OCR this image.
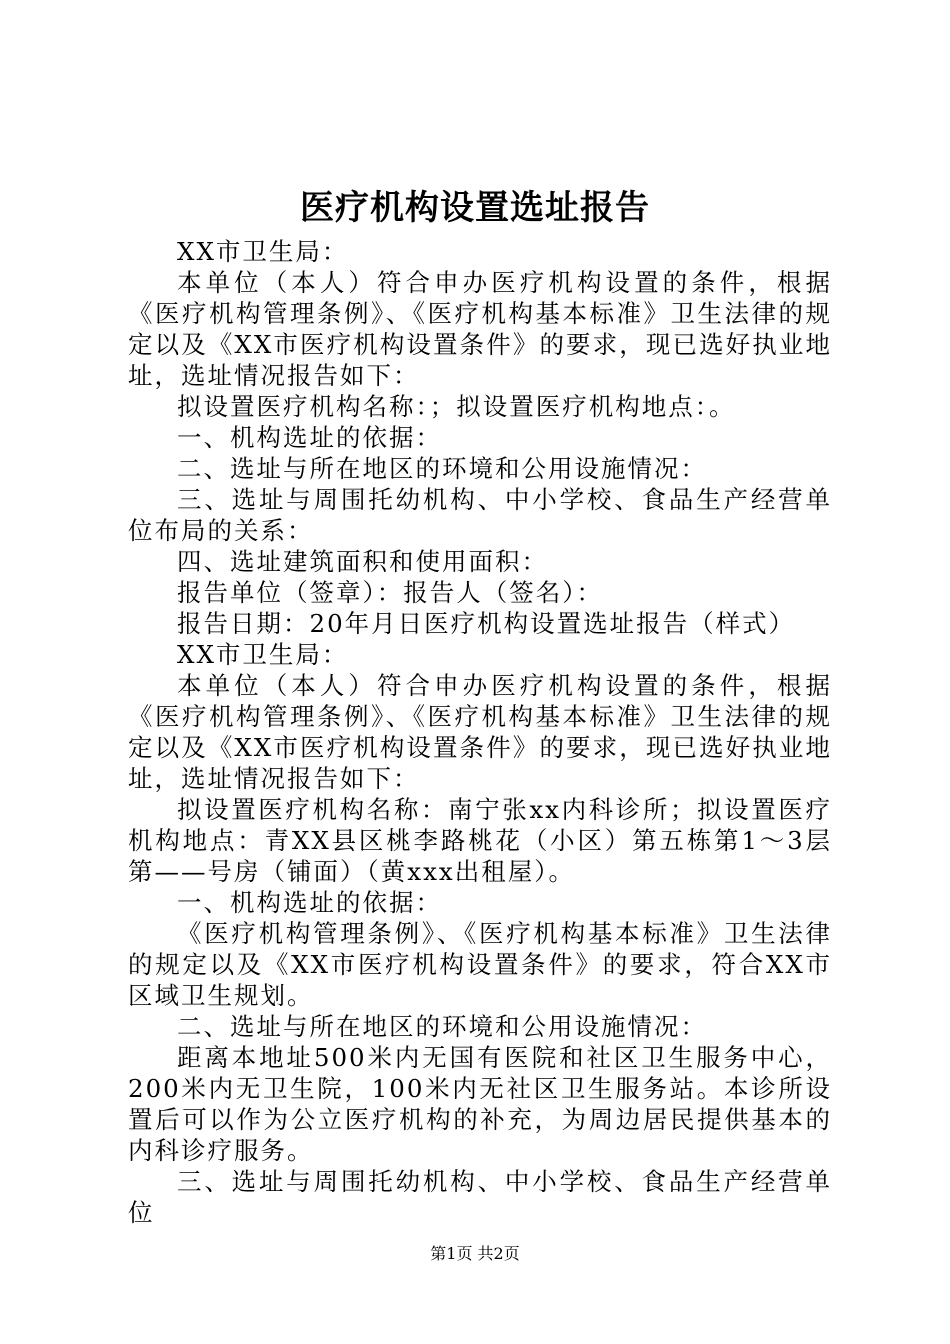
医疗机构设置选址报告

XX市卫生局：

本单位（本人）符合申办医疗机构设置的条件，根据《医疗机构管理条例》、《医疗机构基本标准》卫生法律的规定以及《XX市医疗机构设置条件》的要求，现已选好执业地址，选址情况报告如下：

拟设置医疗机构名称：；拟设置医疗机构地点：。

一、机构选址的依据：

二、选址与所在地区的环境和公用设施情况：

三、选址与周围托幼机构、中小学校、食品生产经营单位布局的关系：

四、选址建筑面积和使用面积：

报告单位（签章）：报告人（签名）：

报告日期：20年月日医疗机构设置选址报告（样式）

XX市卫生局：

本单位（本人）符合申办医疗机构设置的条件，根据《医疗机构管理条例》、《医疗机构基本标准》卫生法律的规定以及《XX市医疗机构设置条件》的要求，现已选好执业地址，选址情况报告如下：

拟设置医疗机构名称：南宁张xx内科诊所；拟设置医疗机构地点：青XX县区桃李路桃花（小区）第五栋第1～3层第——号房（铺面）（黄xxx出租屋）。

一、机构选址的依据：

《医疗机构管理条例》、《医疗机构基本标准》卫生法律的规定以及《XX市医疗机构设置条件》的要求，符合XX市区域卫生规划。

二、选址与所在地区的环境和公用设施情况：

距离本地址500米内无国有医院和社区卫生服务中心，200米内无卫生院，100米内无社区卫生服务站。本诊所设置后可以作为公立医疗机构的补充，为周边居民提供基本的内科诊疗服务。

三、选址与周围托幼机构、中小学校、食品生产经营单位

第1页 共2页
